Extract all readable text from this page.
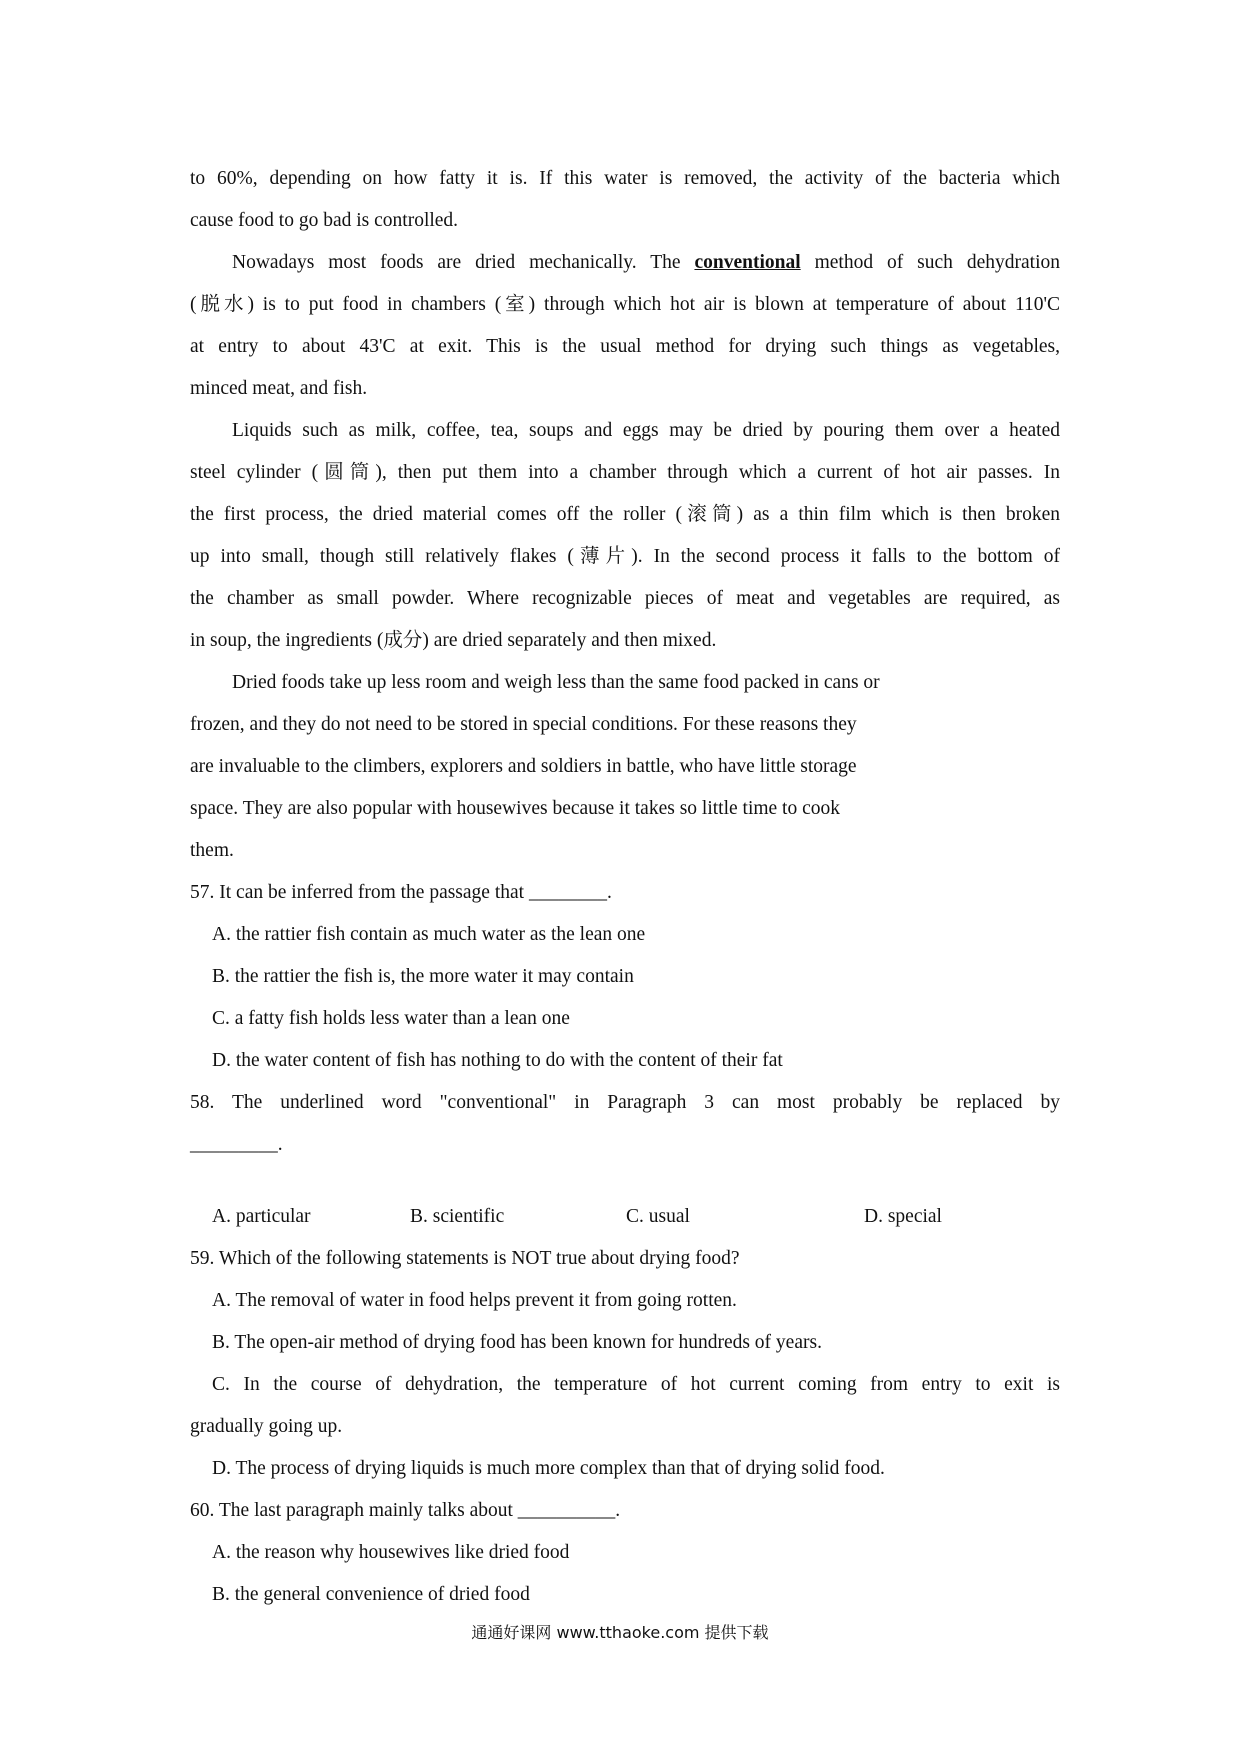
to 60%, depending on how fatty it is. If this water is removed, the activity of the bacteria which
cause food to go bad is controlled.
Nowadays most foods are dried mechanically. The conventional method of such dehydration
(脱水) is to put food in chambers (室) through which hot air is blown at temperature of about 110'C
at entry to about 43'C at exit. This is the usual method for drying such things as vegetables,
minced meat, and fish.
Liquids such as milk, coffee, tea, soups and eggs may be dried by pouring them over a heated
steel cylinder (圆筒), then put them into a chamber through which a current of hot air passes. In
the first process, the dried material comes off the roller (滚筒) as a thin film which is then broken
up into small, though still relatively flakes (薄片). In the second process it falls to the bottom of
the chamber as small powder. Where recognizable pieces of meat and vegetables are required, as
in soup, the ingredients (成分) are dried separately and then mixed.
Dried foods take up less room and weigh less than the same food packed in cans or
frozen, and they do not need to be stored in special conditions. For these reasons they
are invaluable to the climbers, explorers and soldiers in battle, who have little storage
space. They are also popular with housewives because it takes so little time to cook
them.
57. It can be inferred from the passage that ________.
A. the rattier fish contain as much water as the lean one
B. the rattier the fish is, the more water it may contain
C. a fatty fish holds less water than a lean one
D. the water content of fish has nothing to do with the content of their fat
58. The underlined word "conventional" in Paragraph 3 can most probably be replaced by
_________.
A. particular	B. scientific	C. usual	D. special
59. Which of the following statements is NOT true about drying food?
A. The removal of water in food helps prevent it from going rotten.
B. The open-air method of drying food has been known for hundreds of years.
C. In the course of dehydration, the temperature of hot current coming from entry to exit is
gradually going up.
D. The process of drying liquids is much more complex than that of drying solid food.
60. The last paragraph mainly talks about __________.
A. the reason why housewives like dried food
B. the general convenience of dried food
通通好课网 www.tthaoke.com 提供下载
